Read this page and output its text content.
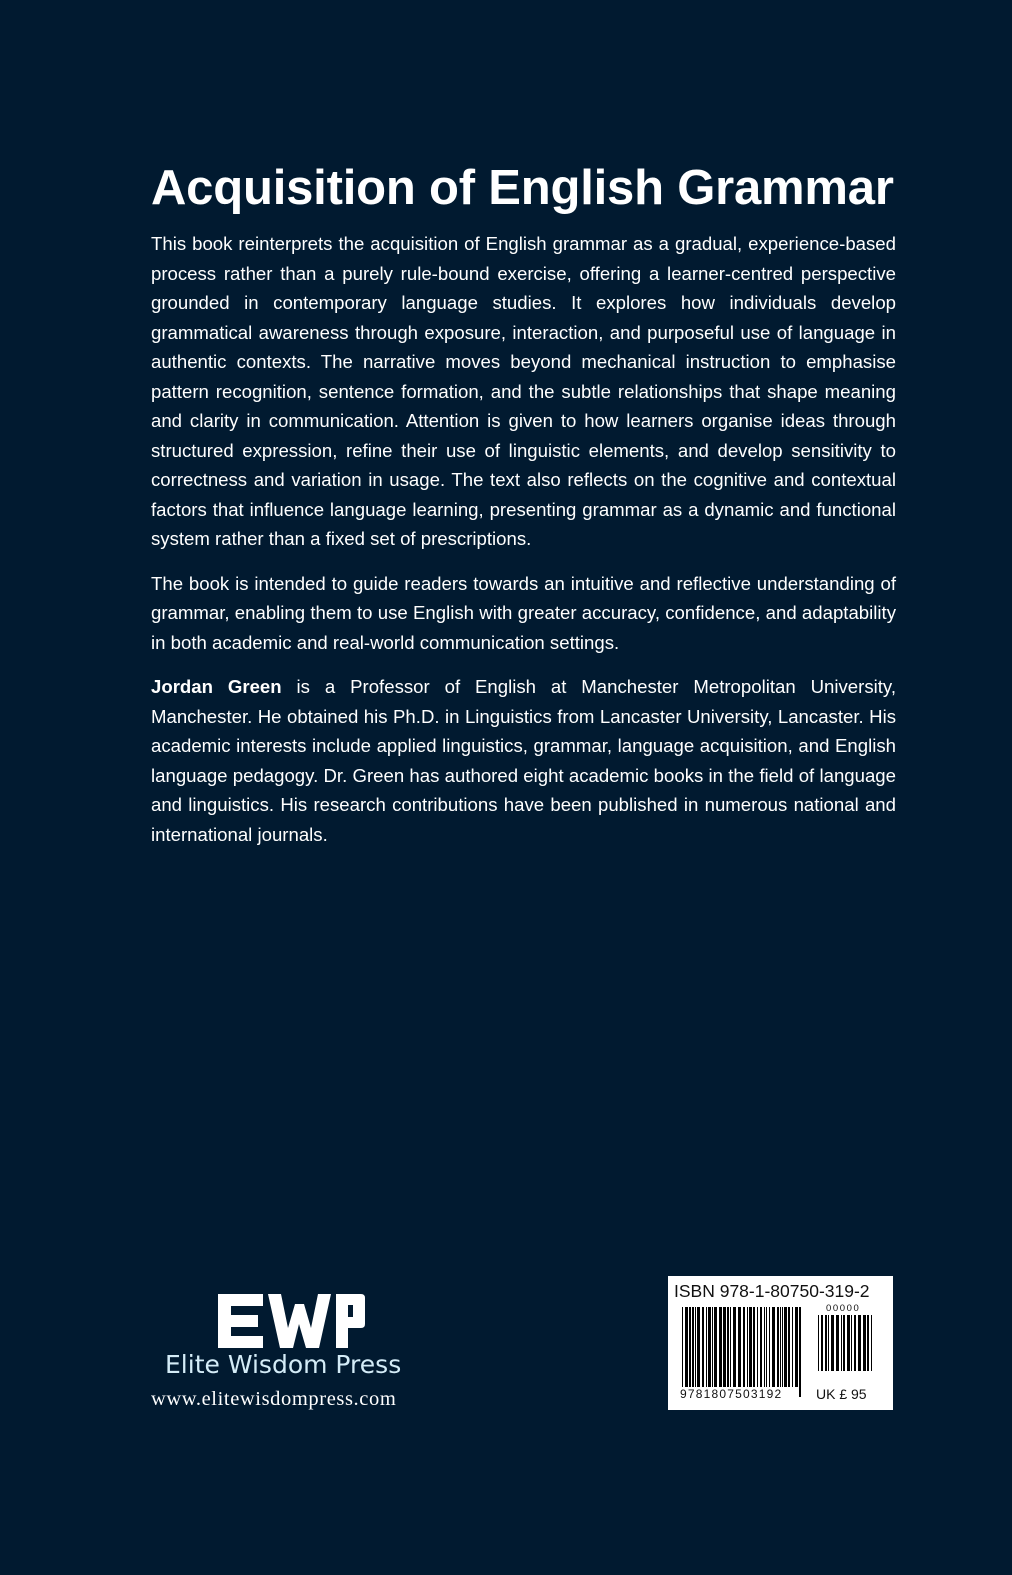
Acquisition of English Grammar

This book reinterprets the acquisition of English grammar as a gradual, experience-based process rather than a purely rule-bound exercise, offering a learner-centred perspective grounded in contemporary language studies. It explores how individuals develop grammatical awareness through exposure, interaction, and purposeful use of language in authentic contexts. The narrative moves beyond mechanical instruction to emphasise pattern recognition, sentence formation, and the subtle relationships that shape meaning and clarity in communication. Attention is given to how learners organise ideas through structured expression, refine their use of linguistic elements, and develop sensitivity to correctness and variation in usage. The text also reflects on the cognitive and contextual factors that influence language learning, presenting grammar as a dynamic and functional system rather than a fixed set of prescriptions.

The book is intended to guide readers towards an intuitive and reflective understanding of grammar, enabling them to use English with greater accuracy, confidence, and adaptability in both academic and real-world communication settings.

Jordan Green is a Professor of English at Manchester Metropolitan University, Manchester. He obtained his Ph.D. in Linguistics from Lancaster University, Lancaster. His academic interests include applied linguistics, grammar, language acquisition, and English language pedagogy. Dr. Green has authored eight academic books in the field of language and linguistics. His research contributions have been published in numerous national and international journals.

Elite Wisdom Press
www.elitewisdompress.com
ISBN 978-1-80750-319-2
00000
9781807503192 UK £ 95
